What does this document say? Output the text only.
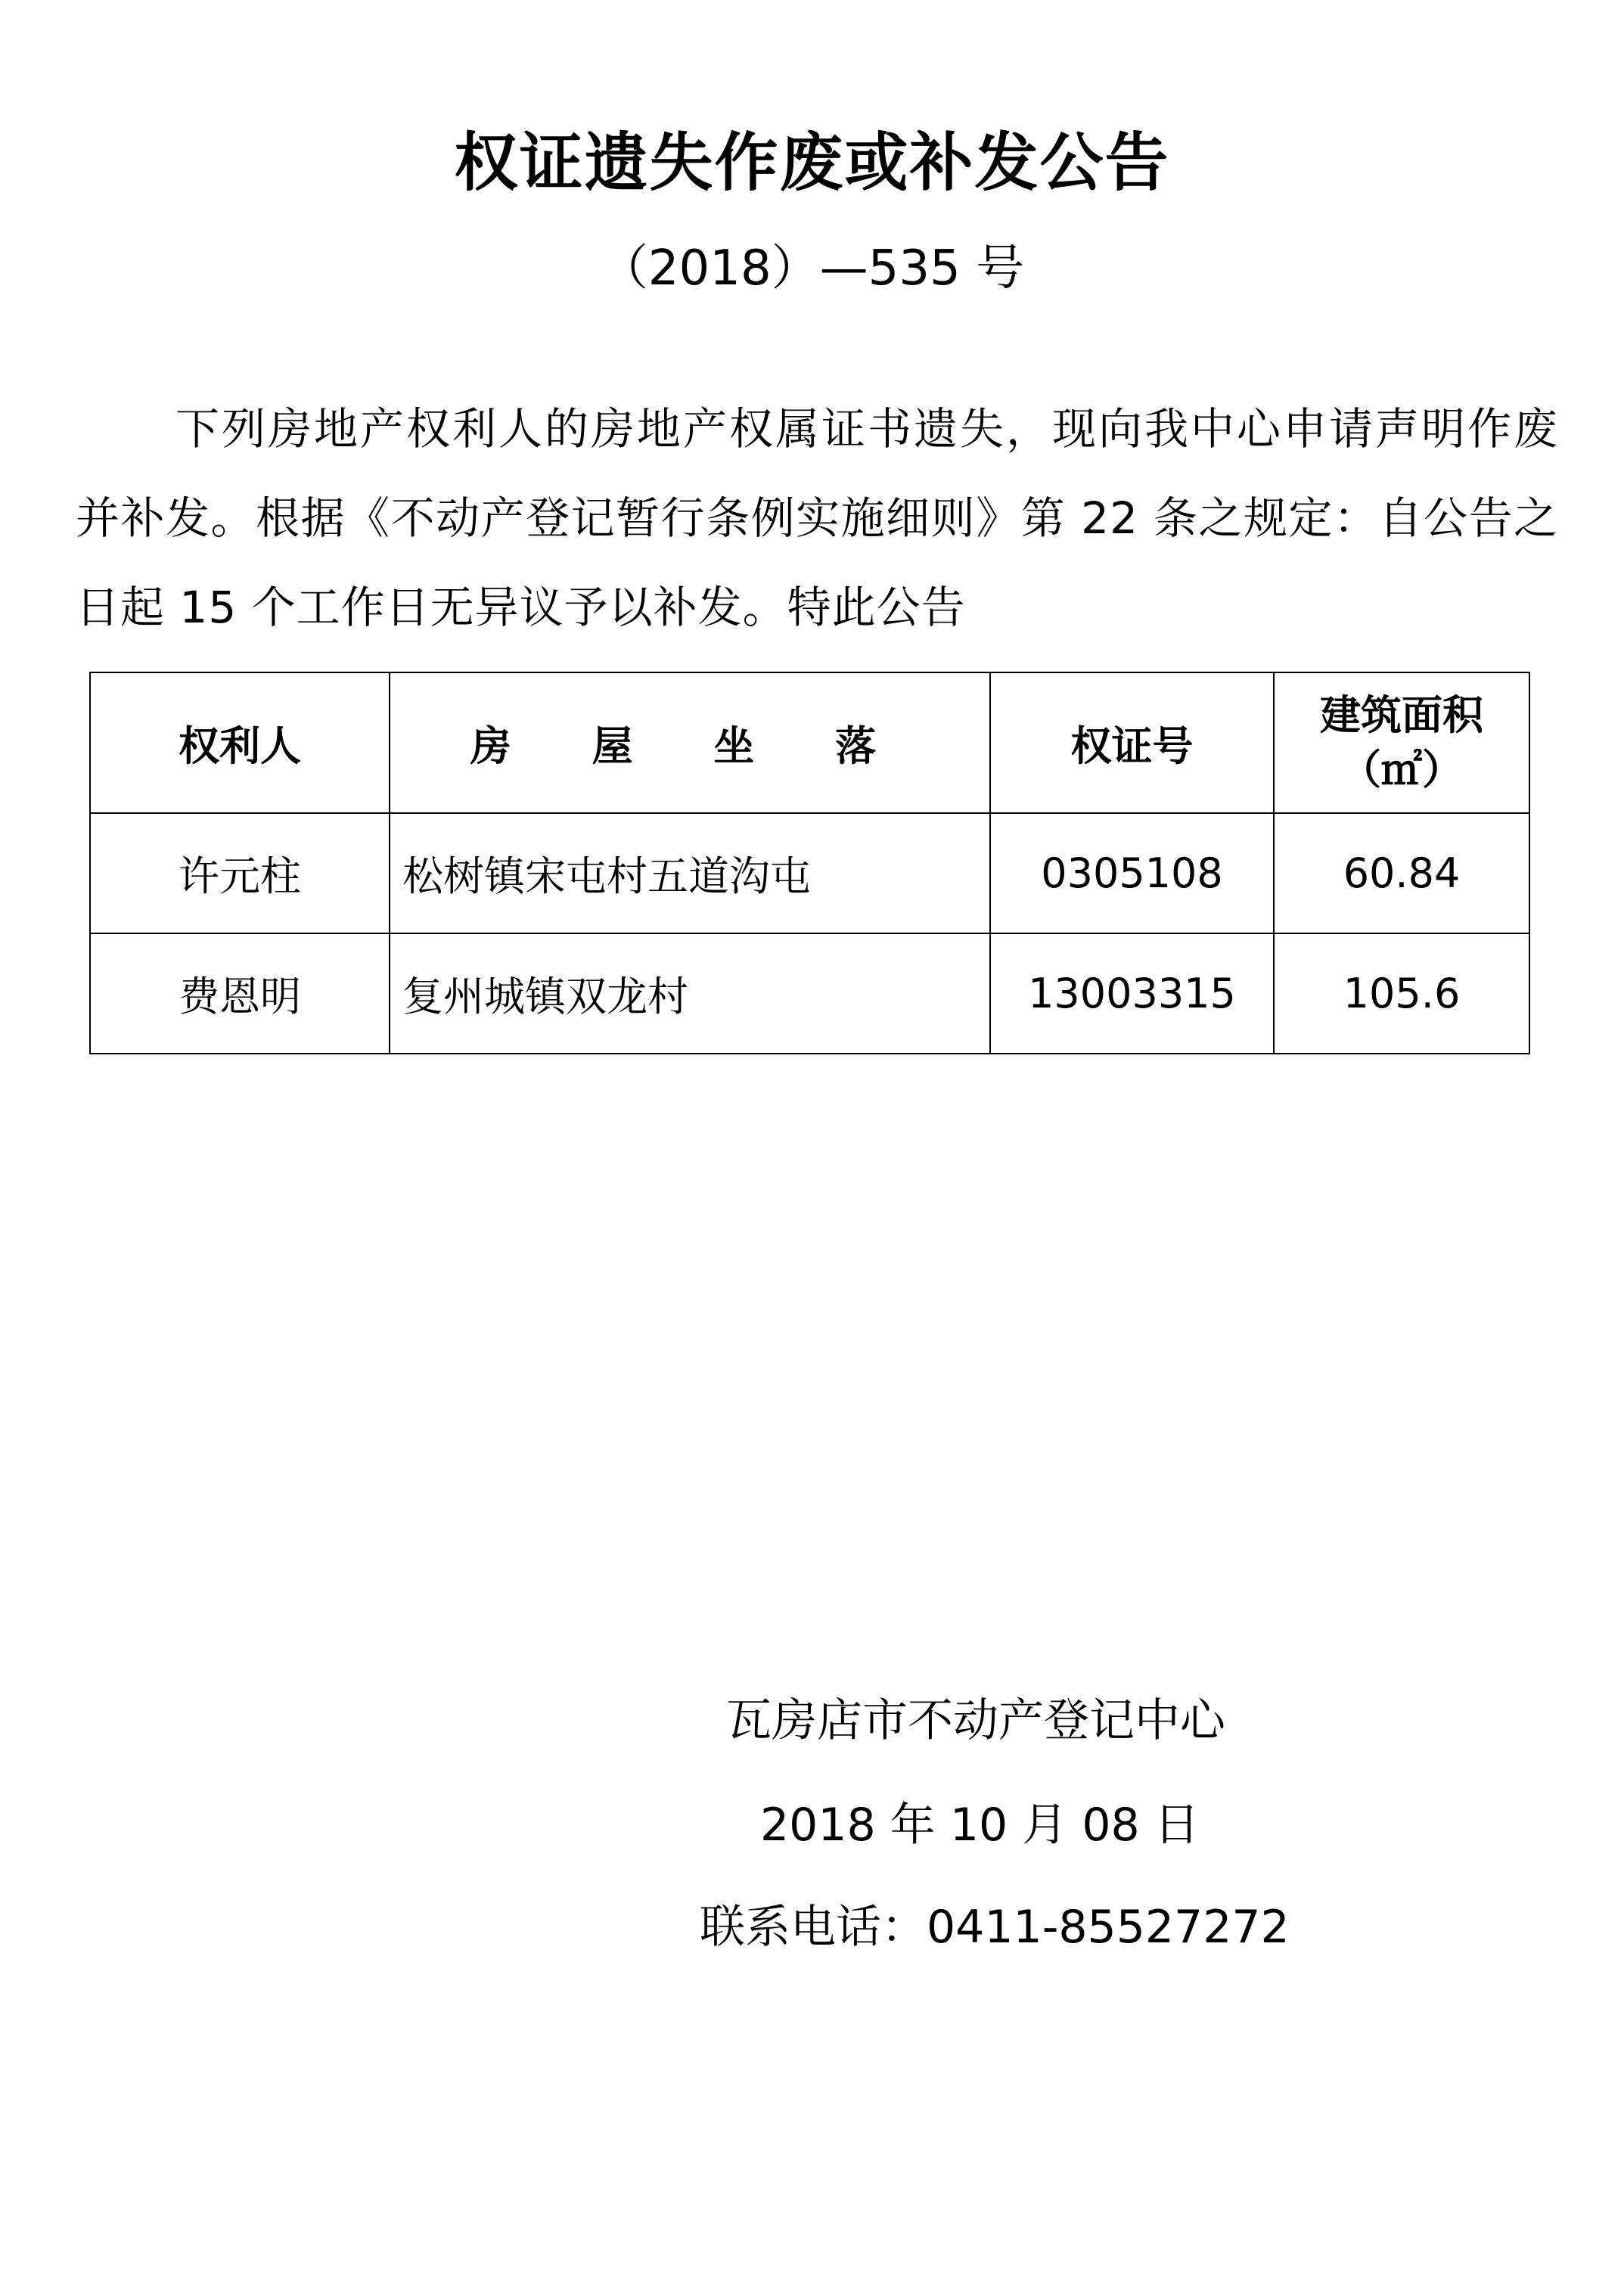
权证遗失作废或补发公告
（2018）—535 号

下列房地产权利人的房地产权属证书遗失，现向我中心申请声明作废并补发。根据《不动产登记暂行条例实施细则》第 22 条之规定：自公告之日起 15 个工作日无异议予以补发。特此公告

权利人	房 屋 坐 落	权证号	建筑面积
（㎡）

许元柱	松树镇宋屯村五道沟屯	0305108	60.84
费恩明	复州城镇双龙村	13003315	105.6
瓦房店市不动产登记中心
2018 年 10 月 08 日
联系电话：0411-85527272
